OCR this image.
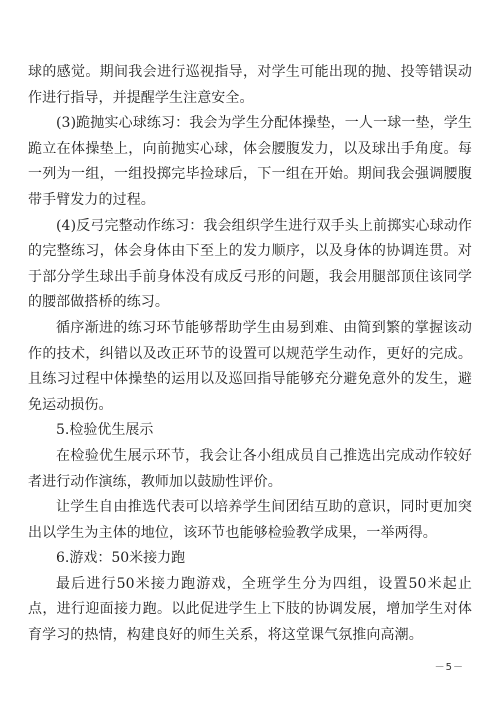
球的感觉。期间我会进行巡视指导，对学生可能出现的抛、投等错误动作进行指导，并提醒学生注意安全。

(3)跪抛实心球练习：我会为学生分配体操垫，一人一球一垫，学生跪立在体操垫上，向前抛实心球，体会腰腹发力，以及球出手角度。每一列为一组，一组投掷完毕捡球后，下一组在开始。期间我会强调腰腹带手臂发力的过程。

(4)反弓完整动作练习：我会组织学生进行双手头上前掷实心球动作的完整练习，体会身体由下至上的发力顺序，以及身体的协调连贯。对于部分学生球出手前身体没有成反弓形的问题，我会用腿部顶住该同学的腰部做搭桥的练习。

循序渐进的练习环节能够帮助学生由易到难、由简到繁的掌握该动作的技术，纠错以及改正环节的设置可以规范学生动作，更好的完成。且练习过程中体操垫的运用以及巡回指导能够充分避免意外的发生，避免运动损伤。

5.检验优生展示

在检验优生展示环节，我会让各小组成员自己推选出完成动作较好者进行动作演练，教师加以鼓励性评价。

让学生自由推选代表可以培养学生间团结互助的意识，同时更加突出以学生为主体的地位，该环节也能够检验教学成果，一举两得。

6.游戏：50米接力跑

最后进行50米接力跑游戏，全班学生分为四组，设置50米起止点，进行迎面接力跑。以此促进学生上下肢的协调发展，增加学生对体育学习的热情，构建良好的师生关系，将这堂课气氛推向高潮。

－5－
